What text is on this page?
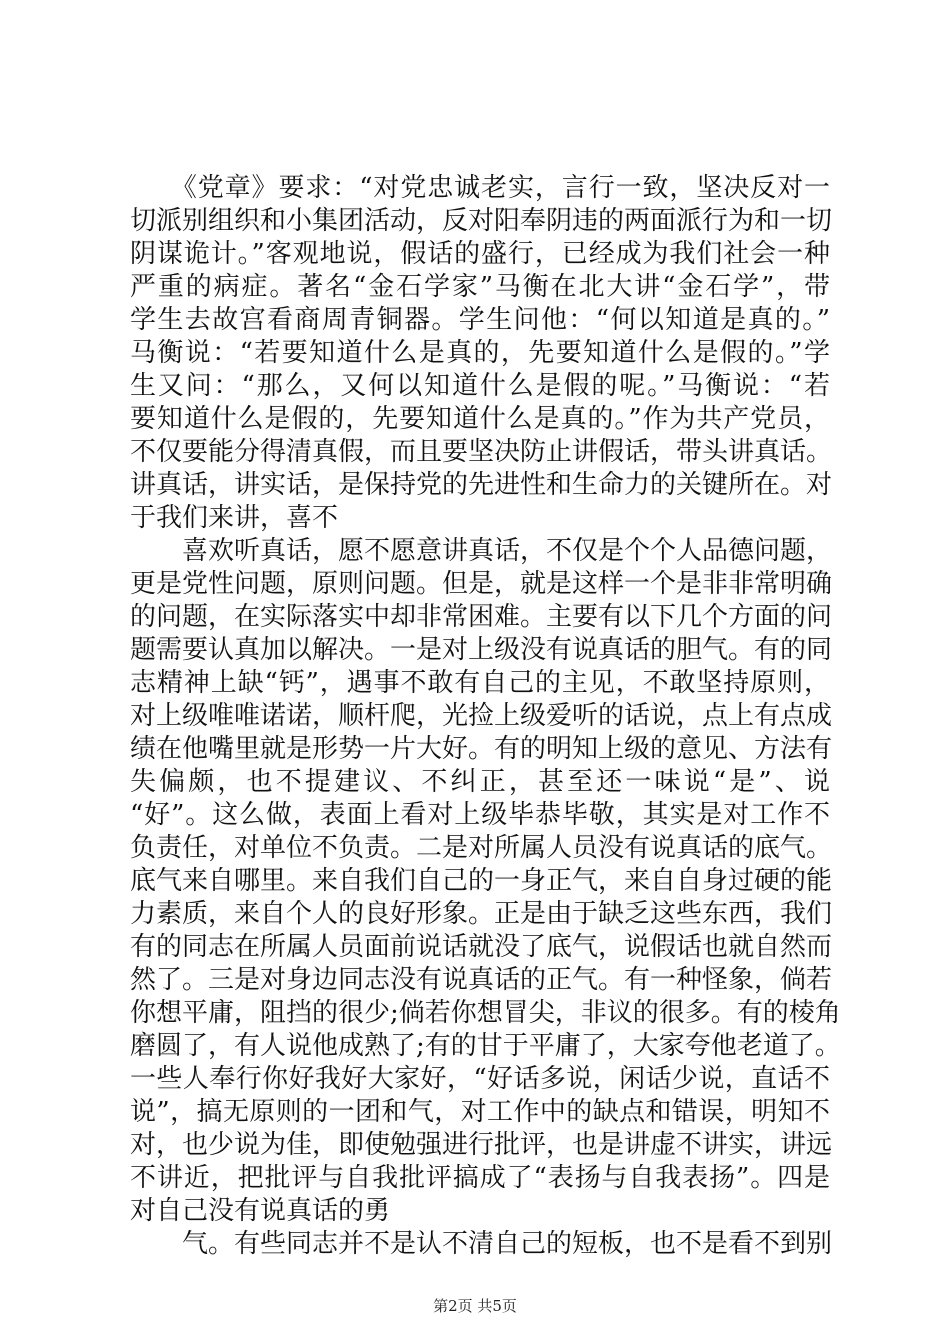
　　《党章》要求：“对党忠诚老实，言行一致，坚决反对一
切派别组织和小集团活动，反对阳奉阴违的两面派行为和一切
阴谋诡计。”客观地说，假话的盛行，已经成为我们社会一种
严重的病症。著名“金石学家”马衡在北大讲“金石学”，带
学生去故宫看商周青铜器。学生问他：“何以知道是真的。”
马衡说：“若要知道什么是真的，先要知道什么是假的。”学
生又问：“那么，又何以知道什么是假的呢。”马衡说：“若
要知道什么是假的，先要知道什么是真的。”作为共产党员，
不仅要能分得清真假，而且要坚决防止讲假话，带头讲真话。
讲真话，讲实话，是保持党的先进性和生命力的关键所在。对
于我们来讲，喜不
　　喜欢听真话，愿不愿意讲真话，不仅是个个人品德问题，
更是党性问题，原则问题。但是，就是这样一个是非非常明确
的问题，在实际落实中却非常困难。主要有以下几个方面的问
题需要认真加以解决。一是对上级没有说真话的胆气。有的同
志精神上缺“钙”，遇事不敢有自己的主见，不敢坚持原则，
对上级唯唯诺诺，顺杆爬，光捡上级爱听的话说，点上有点成
绩在他嘴里就是形势一片大好。有的明知上级的意见、方法有
失偏颇，也不提建议、不纠正，甚至还一味说“是”、说
“好”。这么做，表面上看对上级毕恭毕敬，其实是对工作不
负责任，对单位不负责。二是对所属人员没有说真话的底气。
底气来自哪里。来自我们自己的一身正气，来自自身过硬的能
力素质，来自个人的良好形象。正是由于缺乏这些东西，我们
有的同志在所属人员面前说话就没了底气，说假话也就自然而
然了。三是对身边同志没有说真话的正气。有一种怪象，倘若
你想平庸，阻挡的很少;倘若你想冒尖，非议的很多。有的棱角
磨圆了，有人说他成熟了;有的甘于平庸了，大家夸他老道了。
一些人奉行你好我好大家好，“好话多说，闲话少说，直话不
说”，搞无原则的一团和气，对工作中的缺点和错误，明知不
对，也少说为佳，即使勉强进行批评，也是讲虚不讲实，讲远
不讲近，把批评与自我批评搞成了“表扬与自我表扬”。四是
对自己没有说真话的勇
　　气。有些同志并不是认不清自己的短板，也不是看不到别
第2页 共5页
